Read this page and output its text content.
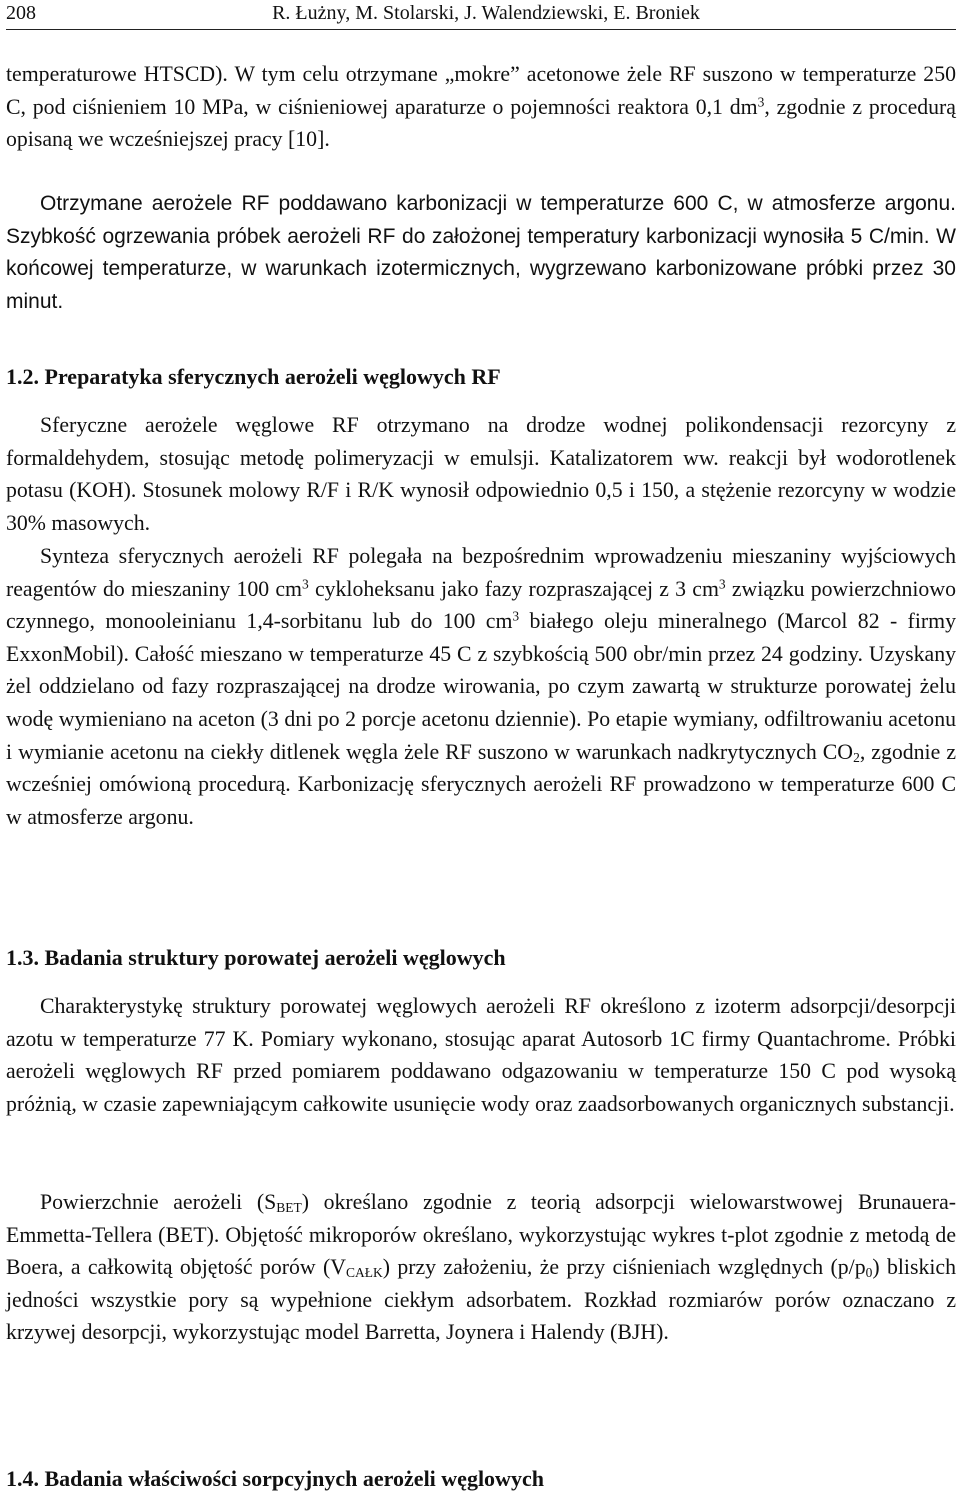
208	R. Łużny, M. Stolarski, J. Walendziewski, E. Broniek

temperaturowe HTSCD). W tym celu otrzymane „mokre” acetonowe żele RF suszono w temperaturze 250 C, pod ciśnieniem 10 MPa, w ciśnieniowej aparaturze o pojemności reaktora 0,1 $dm^3$, zgodnie z procedurą opisaną we wcześniejszej pracy [10].

Otrzymane aerożele RF poddawano karbonizacji w temperaturze 600 C, w atmosferze argonu. Szybkość ogrzewania próbek aerożeli RF do założonej temperatury karbonizacji wynosiła 5 C/min. W końcowej temperaturze, w warunkach izotermicznych, wygrzewano karbonizowane próbki przez 30 minut.

1.2. Preparatyka sferycznych aerożeli węglowych RF

Sferyczne aerożele węglowe RF otrzymano na drodze wodnej polikondensacji rezorcyny z formaldehydem, stosując metodę polimeryzacji w emulsji. Katalizatorem ww. reakcji był wodorotlenek potasu (KOH). Stosunek molowy R/F i R/K wynosił odpowiednio 0,5 i 150, a stężenie rezorcyny w wodzie 30% masowych.

Synteza sferycznych aerożeli RF polegała na bezpośrednim wprowadzeniu mieszaniny wyjściowych reagentów do mieszaniny 100 $cm^3$ cykloheksanu jako fazy rozpraszającej z 3 $cm^3$ związku powierzchniowo czynnego, monooleinianu 1,4-sorbitanu lub do 100 $cm^3$ białego oleju mineralnego (Marcol 82 - firmy ExxonMobil). Całość mieszano w temperaturze 45 C z szybkością 500 obr/min przez 24 godziny. Uzyskany żel oddzielano od fazy rozpraszającej na drodze wirowania, po czym zawartą w strukturze porowatej żelu wodę wymieniano na aceton (3 dni po 2 porcje acetonu dziennie). Po etapie wymiany, odfiltrowaniu acetonu i wymianie acetonu na ciekły ditlenek węgla żele RF suszono w warunkach nadkrytycznych $CO_2$, zgodnie z wcześniej omówioną procedurą. Karbonizację sferycznych aerożeli RF prowadzono w temperaturze 600 C w atmosferze argonu.

1.3. Badania struktury porowatej aerożeli węglowych

Charakterystykę struktury porowatej węglowych aerożeli RF określono z izoterm adsorpcji/desorpcji azotu w temperaturze 77 K. Pomiary wykonano, stosując aparat Autosorb 1C firmy Quantachrome. Próbki aerożeli węglowych RF przed pomiarem poddawano odgazowaniu w temperaturze 150 C pod wysoką próżnią, w czasie zapewniającym całkowite usunięcie wody oraz zaadsorbowanych organicznych substancji.

Powierzchnie aerożeli $(S_{BET})$ określano zgodnie z teorią adsorpcji wielowarstwowej Brunauera-Emmetta-Tellera (BET). Objętość mikroporów określano, wykorzystując wykres t-plot zgodnie z metodą de Boera, a całkowitą objętość porów $(V_{CAŁK})$ przy założeniu, że przy ciśnieniach względnych $(p/p_0)$ bliskich jedności wszystkie pory są wypełnione ciekłym adsorbatem. Rozkład rozmiarów porów oznaczano z krzywej desorpcji, wykorzystując model Barretta, Joynera i Halendy (BJH).

1.4. Badania właściwości sorpcyjnych aerożeli węglowych
